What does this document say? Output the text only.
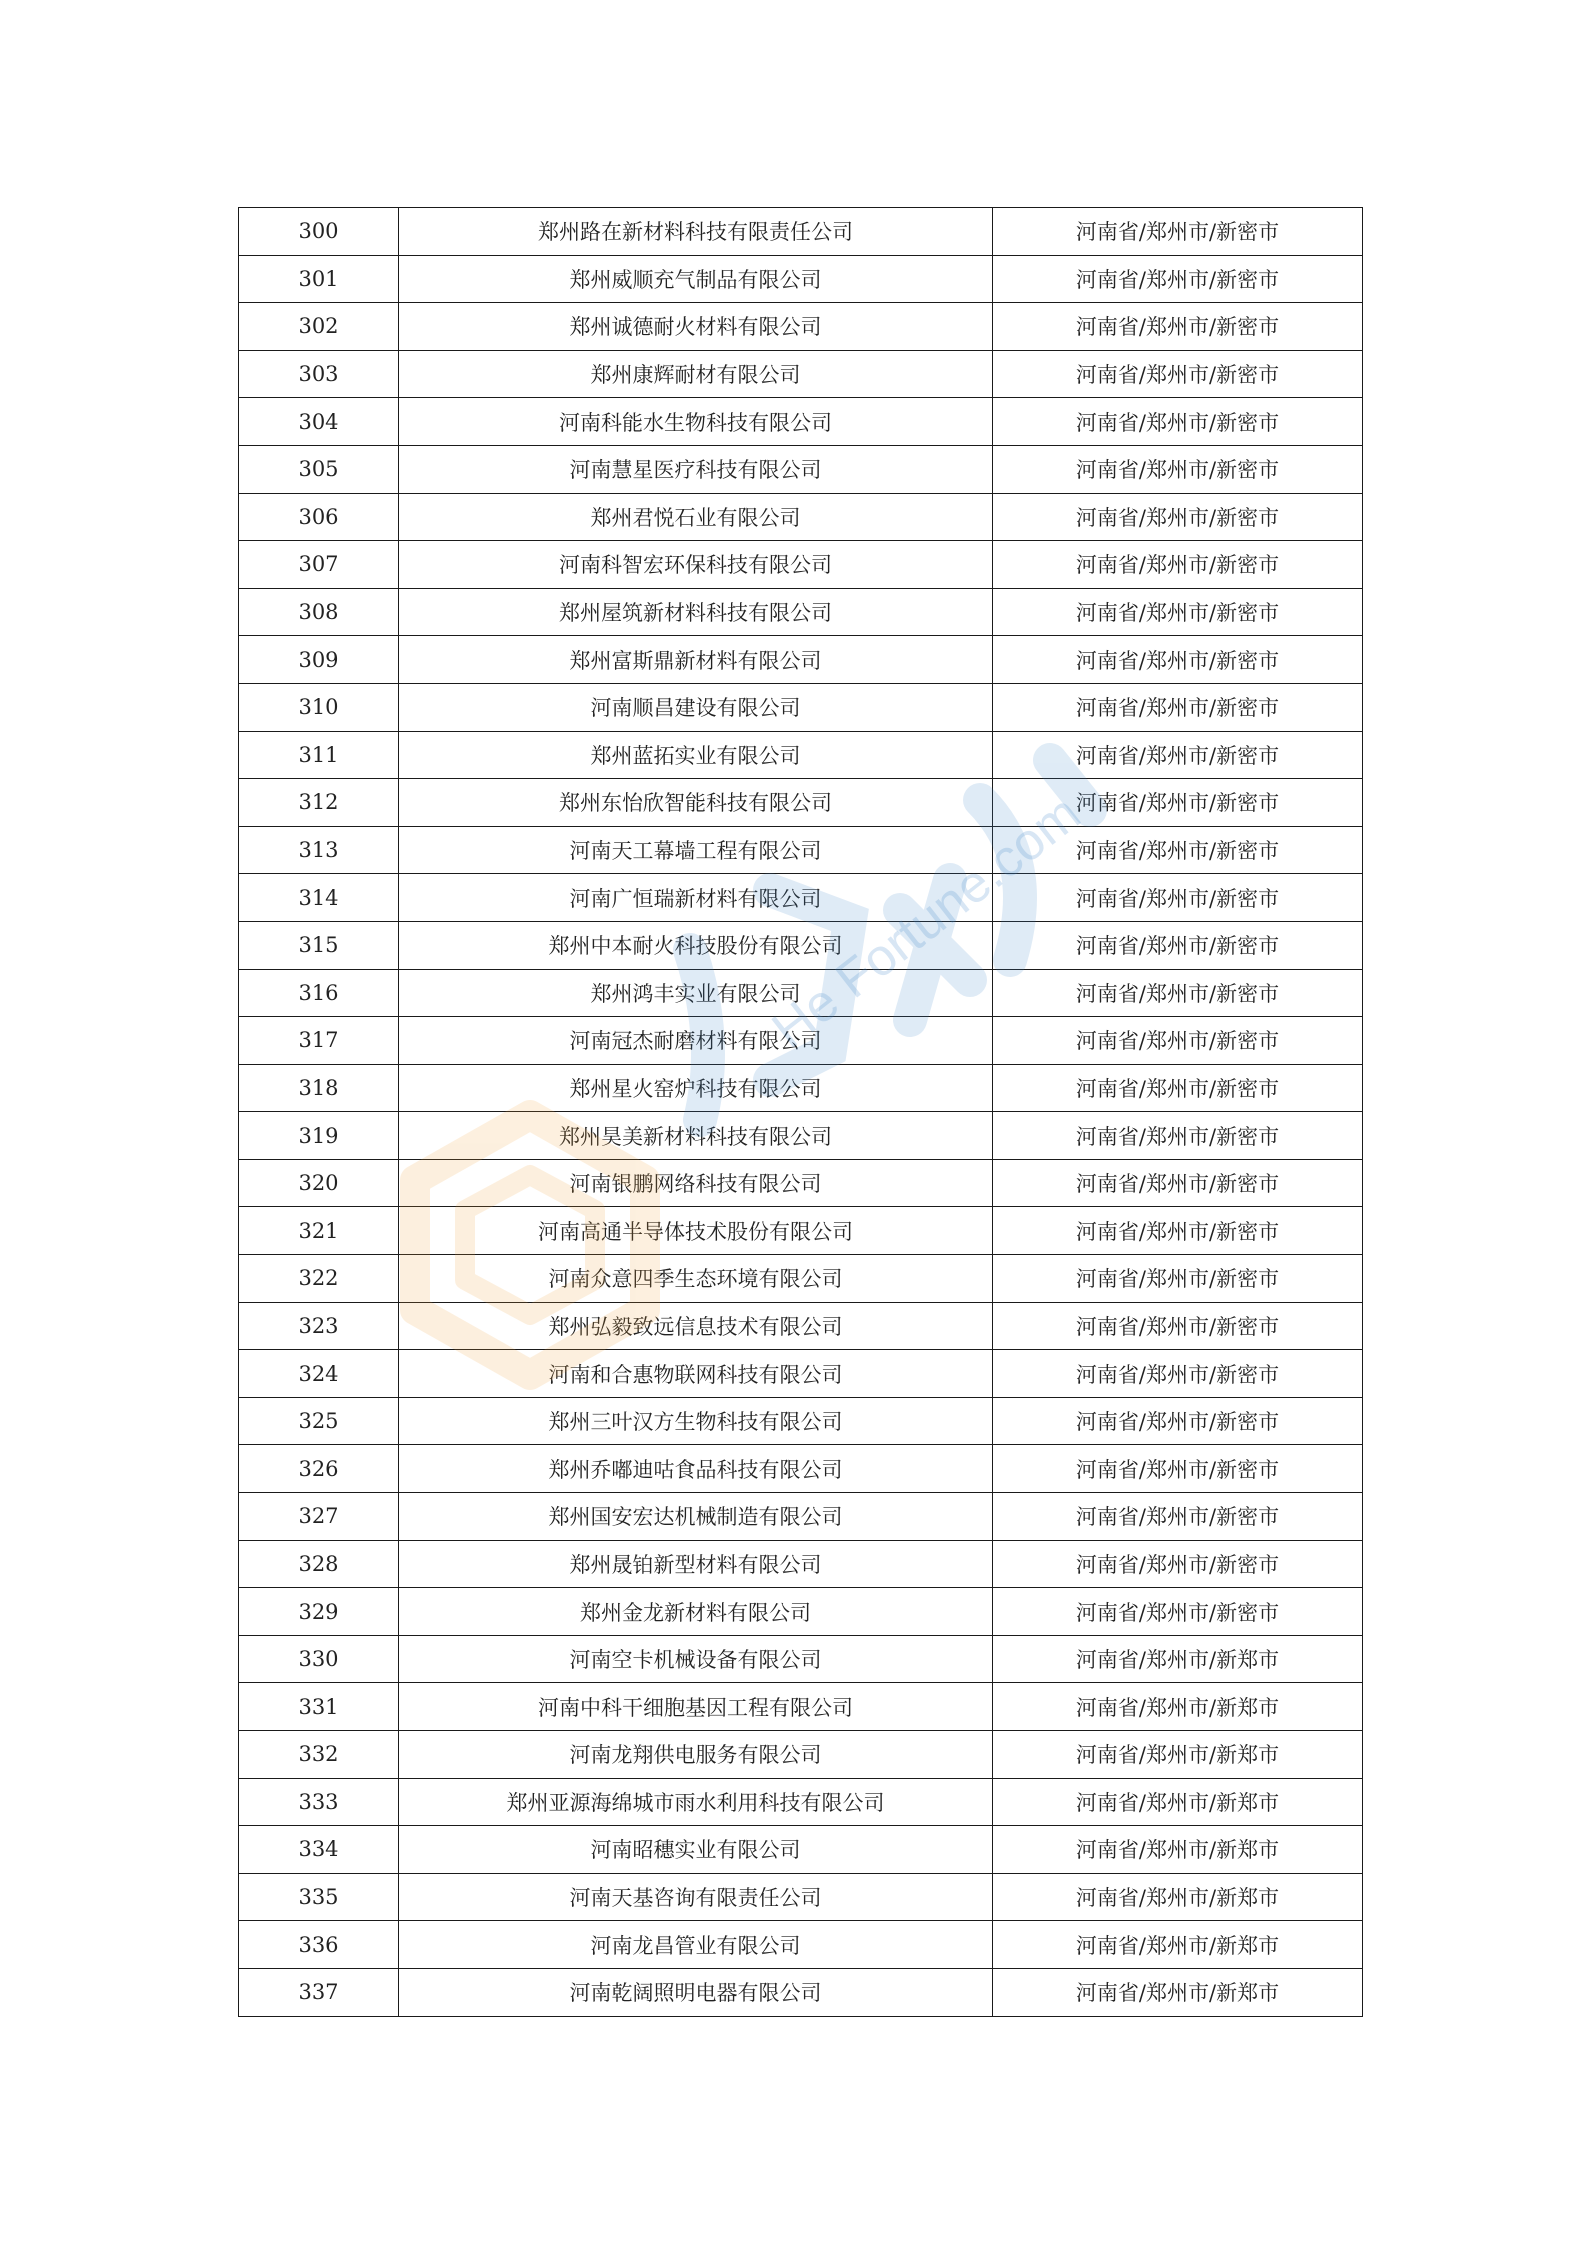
300	郑州路在新材料科技有限责任公司	河南省/郑州市/新密市
301	郑州威顺充气制品有限公司	河南省/郑州市/新密市
302	郑州诚德耐火材料有限公司	河南省/郑州市/新密市
303	郑州康辉耐材有限公司	河南省/郑州市/新密市
304	河南科能水生物科技有限公司	河南省/郑州市/新密市
305	河南慧星医疗科技有限公司	河南省/郑州市/新密市
306	郑州君悦石业有限公司	河南省/郑州市/新密市
307	河南科智宏环保科技有限公司	河南省/郑州市/新密市
308	郑州屋筑新材料科技有限公司	河南省/郑州市/新密市
309	郑州富斯鼎新材料有限公司	河南省/郑州市/新密市
310	河南顺昌建设有限公司	河南省/郑州市/新密市
311	郑州蓝拓实业有限公司	河南省/郑州市/新密市
312	郑州东怡欣智能科技有限公司	河南省/郑州市/新密市
313	河南天工幕墙工程有限公司	河南省/郑州市/新密市
314	河南广恒瑞新材料有限公司	河南省/郑州市/新密市
315	郑州中本耐火科技股份有限公司	河南省/郑州市/新密市
316	郑州鸿丰实业有限公司	河南省/郑州市/新密市
317	河南冠杰耐磨材料有限公司	河南省/郑州市/新密市
318	郑州星火窑炉科技有限公司	河南省/郑州市/新密市
319	郑州昊美新材料科技有限公司	河南省/郑州市/新密市
320	河南银鹏网络科技有限公司	河南省/郑州市/新密市
321	河南高通半导体技术股份有限公司	河南省/郑州市/新密市
322	河南众意四季生态环境有限公司	河南省/郑州市/新密市
323	郑州弘毅致远信息技术有限公司	河南省/郑州市/新密市
324	河南和合惠物联网科技有限公司	河南省/郑州市/新密市
325	郑州三叶汉方生物科技有限公司	河南省/郑州市/新密市
326	郑州乔嘟迪咕食品科技有限公司	河南省/郑州市/新密市
327	郑州国安宏达机械制造有限公司	河南省/郑州市/新密市
328	郑州晟铂新型材料有限公司	河南省/郑州市/新密市
329	郑州金龙新材料有限公司	河南省/郑州市/新密市
330	河南空卡机械设备有限公司	河南省/郑州市/新郑市
331	河南中科干细胞基因工程有限公司	河南省/郑州市/新郑市
332	河南龙翔供电服务有限公司	河南省/郑州市/新郑市
333	郑州亚源海绵城市雨水利用科技有限公司	河南省/郑州市/新郑市
334	河南昭穗实业有限公司	河南省/郑州市/新郑市
335	河南天基咨询有限责任公司	河南省/郑州市/新郑市
336	河南龙昌管业有限公司	河南省/郑州市/新郑市
337	河南乾阔照明电器有限公司	河南省/郑州市/新郑市
He Fortune.com
